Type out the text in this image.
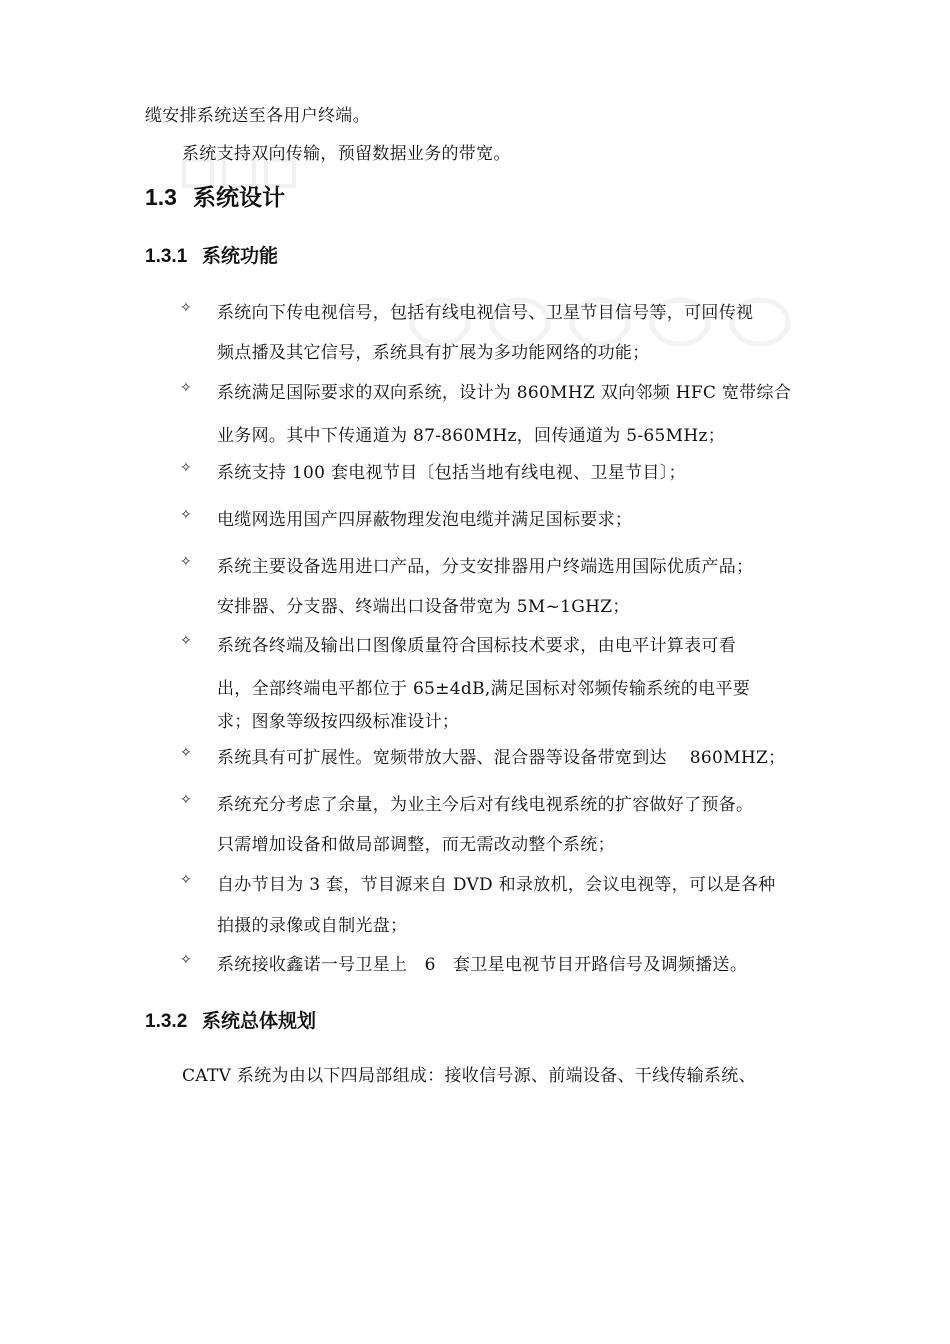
缆安排系统送至各用户终端。
系统支持双向传输，预留数据业务的带宽。
1.3 系统设计
1.3.1 系统功能
✧ 系统向下传电视信号，包括有线电视信号、卫星节目信号等，可回传视
频点播及其它信号，系统具有扩展为多功能网络的功能；
✧ 系统满足国际要求的双向系统，设计为 860MHZ 双向邻频 HFC 宽带综合
业务网。其中下传通道为 87-860MHz，回传通道为 5-65MHz；
✧ 系统支持 100 套电视节目〔包括当地有线电视、卫星节目〕；
✧ 电缆网选用国产四屏蔽物理发泡电缆并满足国标要求；
✧ 系统主要设备选用进口产品，分支安排器用户终端选用国际优质产品；
安排器、分支器、终端出口设备带宽为 5M~1GHZ；
✧ 系统各终端及输出口图像质量符合国标技术要求，由电平计算表可看
出，全部终端电平都位于 65±4dB,满足国标对邻频传输系统的电平要
求；图象等级按四级标准设计；
✧ 系统具有可扩展性。宽频带放大器、混合器等设备带宽到达　 860MHZ；
✧ 系统充分考虑了余量，为业主今后对有线电视系统的扩容做好了预备。
只需增加设备和做局部调整，而无需改动整个系统；
✧ 自办节目为 3 套，节目源来自 DVD 和录放机，会议电视等，可以是各种
拍摄的录像或自制光盘；
✧ 系统接收鑫诺一号卫星上　6　套卫星电视节目开路信号及调频播送。
1.3.2 系统总体规划
CATV 系统为由以下四局部组成：接收信号源、前端设备、干线传输系统、
